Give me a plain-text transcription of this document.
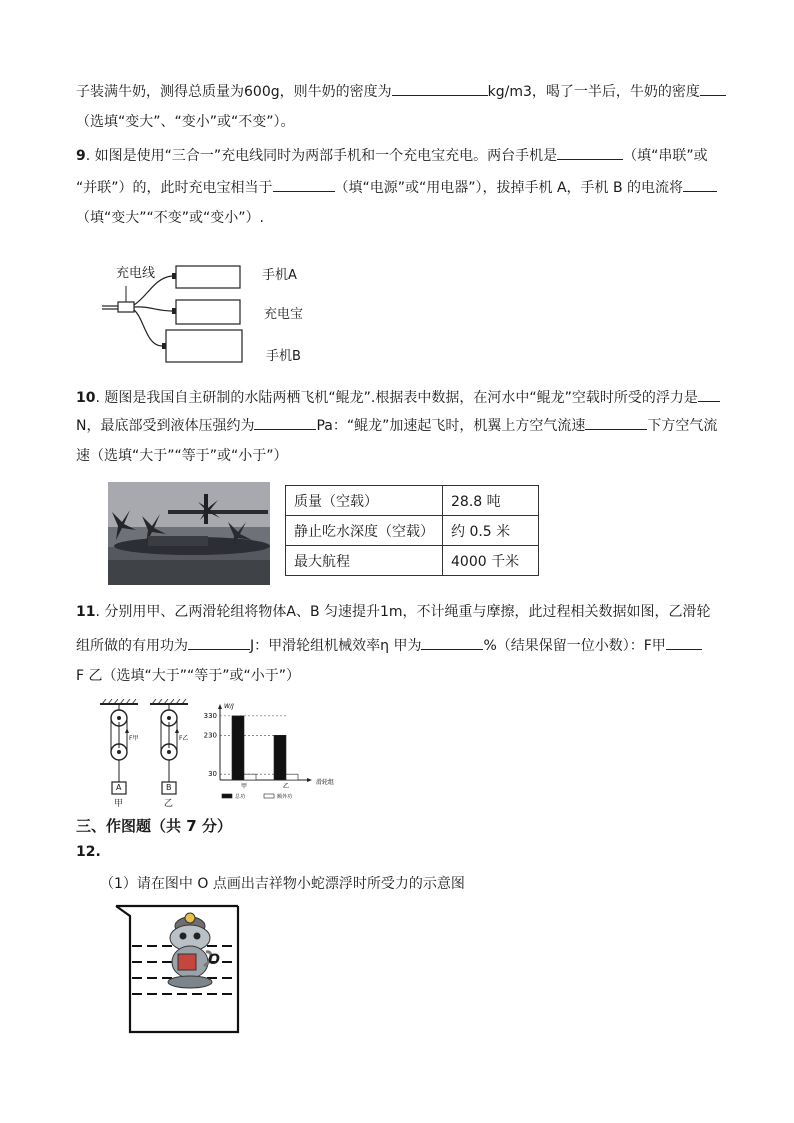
子装满牛奶，测得总质量为600g，则牛奶的密度为	kg/m3，喝了一半后，牛奶的密度
（选填“变大”、“变小”或“不变”）。
9. 如图是使用“三合一”充电线同时为两部手机和一个充电宝充电。两台手机是	（填“串联”或
“并联”）的，此时充电宝相当于	（填“电源”或“用电器”），拔掉手机 A，手机 B 的电流将
（填“变大”“不变”或“变小”）.
充电线	手机A
充电宝
手机B
10. 题图是我国自主研制的水陆两栖飞机“鲲龙”.根据表中数据，在河水中“鲲龙”空载时所受的浮力是
N，最底部受到液体压强约为	Pa：“鲲龙”加速起飞时，机翼上方空气流速	下方空气流
速（选填“大于”“等于”或“小于”）
质量（空载）	28.8 吨
静止吃水深度（空载）	约 0.5 米
最大航程	4000 千米
11. 分别用甲、乙两滑轮组将物体A、B 匀速提升1m，不计绳重与摩擦，此过程相关数据如图，乙滑轮
组所做的有用功为	J：甲滑轮组机械效率η 甲为	%（结果保留一位小数）：F甲
F 乙（选填“大于”“等于”或“小于”）
A	B
甲	乙
F甲	F乙
W/J
滑轮组
30
230
330
甲	乙
总功	额外功
三、作图题（共 7 分）
12.
（1）请在图中 O 点画出吉祥物小蛇漂浮时所受力的示意图
O
